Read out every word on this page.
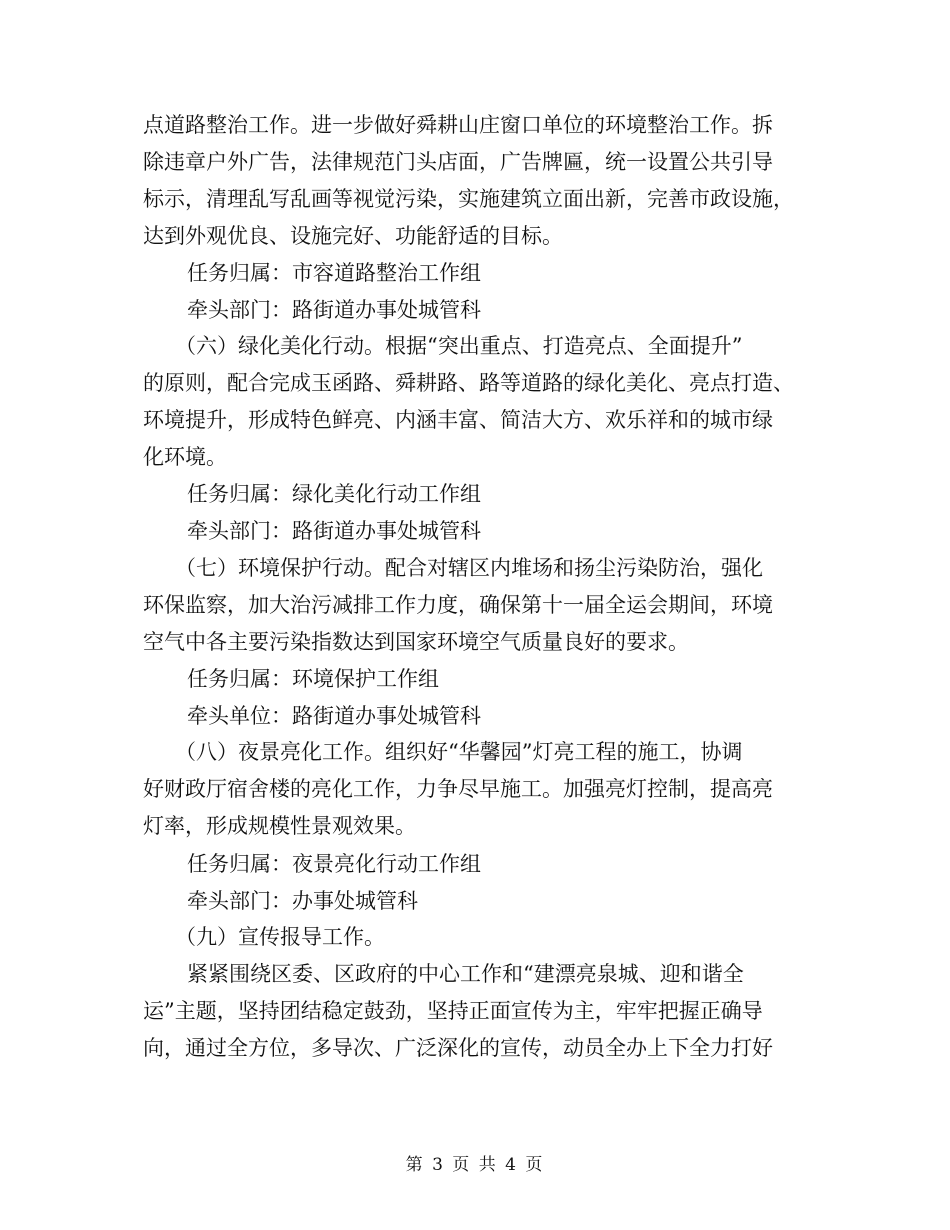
点道路整治工作。进一步做好舜耕山庄窗口单位的环境整治工作。拆
除违章户外广告，法律规范门头店面，广告牌匾，统一设置公共引导
标示，清理乱写乱画等视觉污染，实施建筑立面出新，完善市政设施，
达到外观优良、设施完好、功能舒适的目标。
任务归属：市容道路整治工作组
牵头部门：路街道办事处城管科
（六）绿化美化行动。根据“突出重点、打造亮点、全面提升”
的原则，配合完成玉函路、舜耕路、路等道路的绿化美化、亮点打造、
环境提升，形成特色鲜亮、内涵丰富、简洁大方、欢乐祥和的城市绿
化环境。
任务归属：绿化美化行动工作组
牵头部门：路街道办事处城管科
（七）环境保护行动。配合对辖区内堆场和扬尘污染防治，强化
环保监察，加大治污减排工作力度，确保第十一届全运会期间，环境
空气中各主要污染指数达到国家环境空气质量良好的要求。
任务归属：环境保护工作组
牵头单位：路街道办事处城管科
（八）夜景亮化工作。组织好“华馨园”灯亮工程的施工，协调
好财政厅宿舍楼的亮化工作，力争尽早施工。加强亮灯控制，提高亮
灯率，形成规模性景观效果。
任务归属：夜景亮化行动工作组
牵头部门：办事处城管科
（九）宣传报导工作。
紧紧围绕区委、区政府的中心工作和“建漂亮泉城、迎和谐全
运”主题，坚持团结稳定鼓劲，坚持正面宣传为主，牢牢把握正确导
向，通过全方位，多导次、广泛深化的宣传，动员全办上下全力打好
第 3 页 共 4 页
